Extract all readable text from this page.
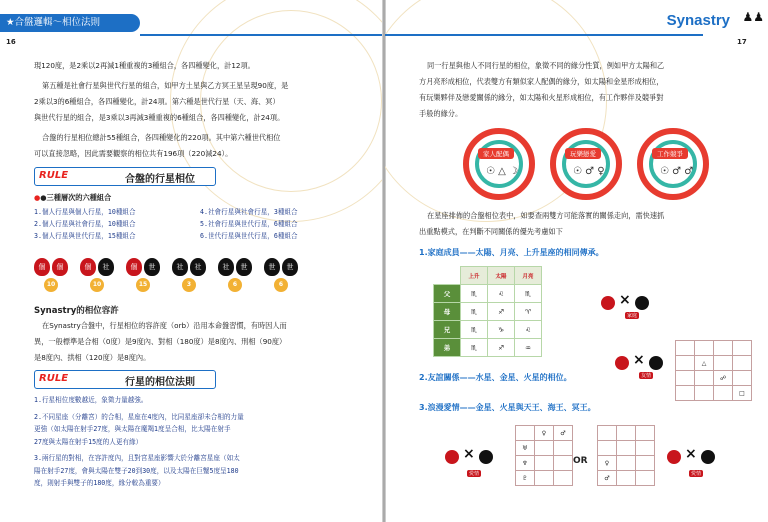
★合盤邏輯～相位法則
16
現120度，是2乘以2再減1種重複的3種組合，各四種變化，計12項。
第五種是社會行星與世代行星的組合，如甲方土星與乙方冥王星呈現90度，是
2乘以3的6種組合，各四種變化，計24項。第六種是世代行星（天、海、冥）
與世代行星的組合，是3乘以3再減3種重複的6種組合，各四種變化，計24項。
合盤的行星相位總計55種組合，各四種變化的220項。其中第六種世代相位
可以直接忽略，因此需要觀察的相位共有196項（220減24）。
RULE	合盤的行星相位
●●三種層次的六種組合
1.個人行星與個人行星，10種組合
2.個人行星與社會行星，10種組合
3.個人行星與世代行星，15種組合
4.社會行星與社會行星，3種組合
5.社會行星與世代行星，6種組合
6.世代行星與世代行星，6種組合
個	個
10
個	社
10
個	世
15
社	社
3
社	世
6
世	世
6
Synastry的相位容許
在Synastry合盤中，行星相位的容許度（orb）沿用本命盤習慣，有時因人而
異，一般標準是合相（0度）是9度內、對相（180度）是8度內、刑相（90度）
是8度內、拱相（120度）是8度內。
RULE	行星的相位法則
1.行星相位度數越近，象徵力量越強。
2.不同星座（分離宮）的合相，星座在4度內，比同星座卻未合相的力量
更強（如太陽在射手27度，與太陽在魔羯1度呈合相，比太陽在射手
27度與太陽在射手15度的人更有緣）
3.兩行星的對相，在容許度內，且對宮星座影響大於分離宮星座（如太
陽在射手27度，會與太陽在雙子20到30度，以及太陽在巨蟹5度呈180
度，則射手與雙子的180度，緣分較為重要）
Synastry ♟♟
17
同一行星與他人不同行星的相位，象徵不同的緣分性質，例如甲方太陽和乙
方月亮形成相位，代表雙方有類似家人配偶的緣分，如太陽和金星形成相位，
有玩樂夥伴及戀愛關係的緣分，如太陽和火星形成相位，有工作夥伴及競爭對
手般的緣分。
家人配偶
☉ △ ☽
玩樂戀愛
☉ ♂ ♀
工作競爭
☉ ♂ ♂
在星座排佈的合盤相位表中，如要查兩雙方可能落實的關係走向，需快速抓
出重點模式，在判斷不同關係的優先考慮如下
1.家庭成員——太陽、月亮、上升星座的相同傳承。
	上升	太陽	月亮
父	♏	♌	♏
母	♏	♐	♈
兄	♏	♑	♌
弟	♏	♐	♒
×
家庭
2.友誼關係——水星、金星、火星的相位。
×
友情

	△		
		☍	
			□
3.浪漫愛情——金星、火星與天王、海王、冥王。
×
愛情
	♀	♂
♅		
♆		
♇		
OR

			♀		
♂		
×
愛情
